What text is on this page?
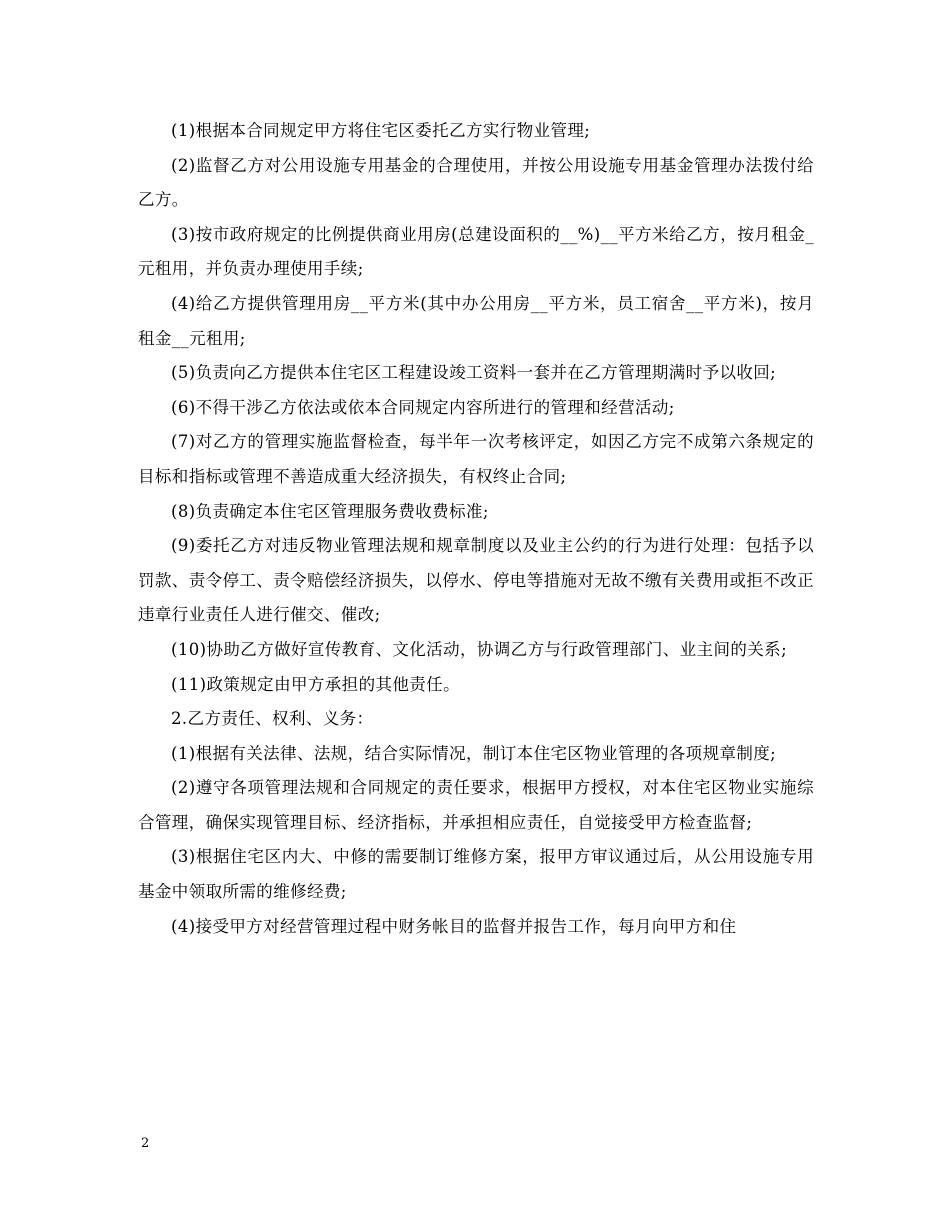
(1)根据本合同规定甲方将住宅区委托乙方实行物业管理;

(2)监督乙方对公用设施专用基金的合理使用，并按公用设施专用基金管理办法拨付给乙方。

(3)按市政府规定的比例提供商业用房(总建设面积的__%)__平方米给乙方，按月租金_元租用，并负责办理使用手续;

(4)给乙方提供管理用房__平方米(其中办公用房__平方米，员工宿舍__平方米)，按月租金__元租用;

(5)负责向乙方提供本住宅区工程建设竣工资料一套并在乙方管理期满时予以收回;

(6)不得干涉乙方依法或依本合同规定内容所进行的管理和经营活动;

(7)对乙方的管理实施监督检查，每半年一次考核评定，如因乙方完不成第六条规定的目标和指标或管理不善造成重大经济损失，有权终止合同;

(8)负责确定本住宅区管理服务费收费标准;

(9)委托乙方对违反物业管理法规和规章制度以及业主公约的行为进行处理：包括予以罚款、责令停工、责令赔偿经济损失，以停水、停电等措施对无故不缴有关费用或拒不改正违章行业责任人进行催交、催改;

(10)协助乙方做好宣传教育、文化活动，协调乙方与行政管理部门、业主间的关系;

(11)政策规定由甲方承担的其他责任。

2.乙方责任、权利、义务：

(1)根据有关法律、法规，结合实际情况，制订本住宅区物业管理的各项规章制度;

(2)遵守各项管理法规和合同规定的责任要求，根据甲方授权，对本住宅区物业实施综合管理，确保实现管理目标、经济指标，并承担相应责任，自觉接受甲方检查监督;

(3)根据住宅区内大、中修的需要制订维修方案，报甲方审议通过后，从公用设施专用基金中领取所需的维修经费;

(4)接受甲方对经营管理过程中财务帐目的监督并报告工作，每月向甲方和住

2
